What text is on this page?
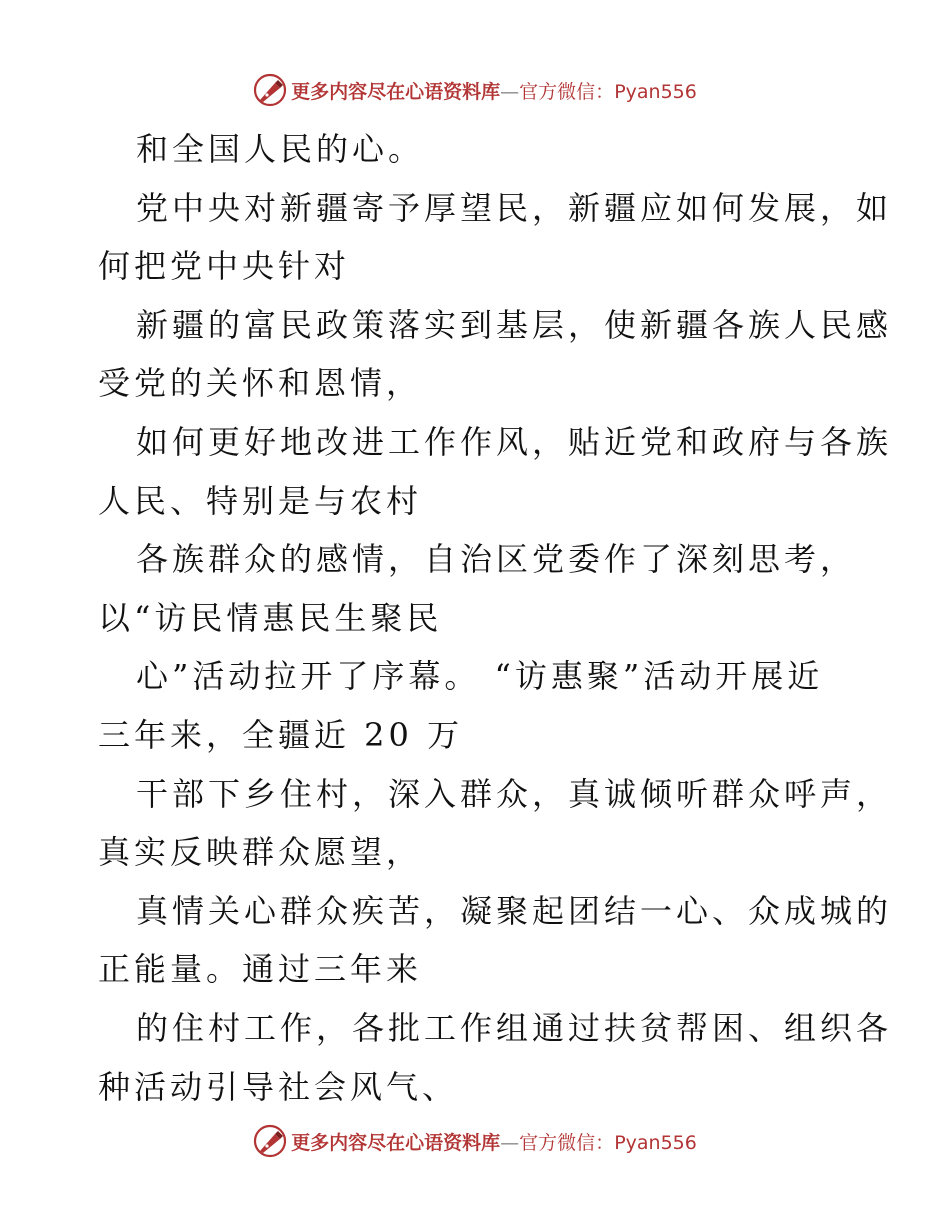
更多内容尽在心语资料库—官方微信：Pyan556
和全国人民的心。
党中央对新疆寄予厚望民，新疆应如何发展，如
何把党中央针对
新疆的富民政策落实到基层，使新疆各族人民感
受党的关怀和恩情，
如何更好地改进工作作风，贴近党和政府与各族
人民、特别是与农村
各族群众的感情，自治区党委作了深刻思考，
以“访民情惠民生聚民
心”活动拉开了序幕。 “访惠聚”活动开展近
三年来，全疆近 20 万
干部下乡住村，深入群众，真诚倾听群众呼声，
真实反映群众愿望，
真情关心群众疾苦，凝聚起团结一心、众成城的
正能量。通过三年来
的住村工作，各批工作组通过扶贫帮困、组织各
种活动引导社会风气、
更多内容尽在心语资料库—官方微信：Pyan556
